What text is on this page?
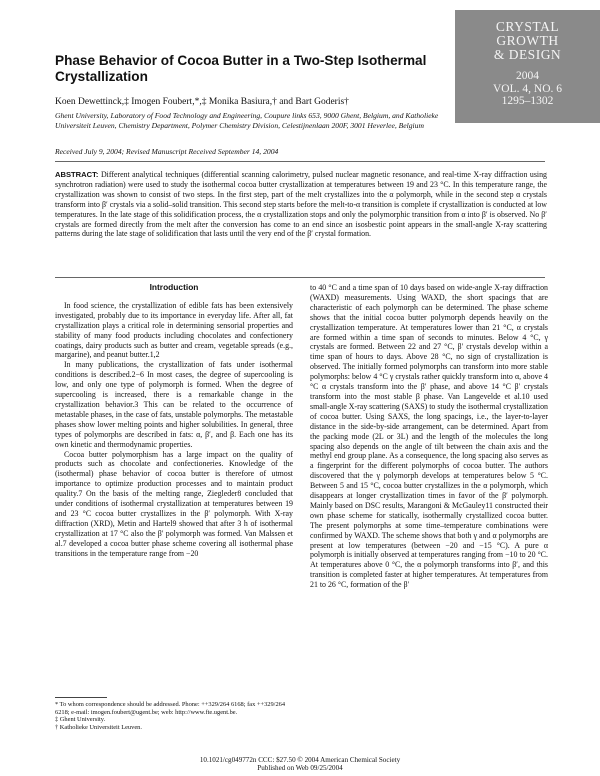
CRYSTAL
GROWTH
& DESIGN
2004
VOL. 4, NO. 6
1295–1302
Phase Behavior of Cocoa Butter in a Two-Step Isothermal Crystallization
Koen Dewettinck,‡ Imogen Foubert,*,‡ Monika Basiura,† and Bart Goderis†
Ghent University, Laboratory of Food Technology and Engineering, Coupure links 653, 9000 Ghent, Belgium, and Katholieke Universiteit Leuven, Chemistry Department, Polymer Chemistry Division, Celestijnenlaan 200F, 3001 Heverlee, Belgium
Received July 9, 2004; Revised Manuscript Received September 14, 2004

ABSTRACT: Different analytical techniques (differential scanning calorimetry, pulsed nuclear magnetic resonance, and real-time X-ray diffraction using synchrotron radiation) were used to study the isothermal cocoa butter crystallization at temperatures between 19 and 23 °C. In this temperature range, the crystallization was shown to consist of two steps. In the first step, part of the melt crystallizes into the α polymorph, while in the second step α crystals transform into β′ crystals via a solid–solid transition. This second step starts before the melt-to-α transition is complete if crystallization is conducted at low temperatures. In the late stage of this solidification process, the α crystallization stops and only the polymorphic transition from α into β′ is observed. No β′ crystals are formed directly from the melt after the conversion has come to an end since an isosbestic point appears in the small-angle X-ray scattering patterns during the late stage of solidification that lasts until the very end of the β′ crystal formation.

Introduction

In food science, the crystallization of edible fats has been extensively investigated, probably due to its importance in everyday life. After all, fat crystallization plays a critical role in determining sensorial properties and stability of many food products including chocolates and confectionery coatings, dairy products such as butter and cream, vegetable spreads (e.g., margarine), and peanut butter.1,2

In many publications, the crystallization of fats under isothermal conditions is described.2−6 In most cases, the degree of supercooling is low, and only one type of polymorph is formed. When the degree of supercooling is increased, there is a remarkable change in the crystallization behavior.3 This can be related to the occurrence of metastable phases, in the case of fats, unstable polymorphs. The metastable phases show lower melting points and higher solubilities. In general, three types of polymorphs are described in fats: α, β′, and β. Each one has its own kinetic and thermodynamic properties.

Cocoa butter polymorphism has a large impact on the quality of products such as chocolate and confectioneries. Knowledge of the (isothermal) phase behavior of cocoa butter is therefore of utmost importance to optimize production processes and to maintain product quality.7 On the basis of the melting range, Ziegleder8 concluded that under conditions of isothermal crystallization at temperatures between 19 and 23 °C cocoa butter crystallizes in the β′ polymorph. With X-ray diffraction (XRD), Metin and Hartel9 showed that after 3 h of isothermal crystallization at 17 °C also the β′ polymorph was formed. Van Malssen et al.7 developed a cocoa butter phase scheme covering all isothermal phase transitions in the temperature range from −20

to 40 °C and a time span of 10 days based on wide-angle X-ray diffraction (WAXD) measurements. Using WAXD, the short spacings that are characteristic of each polymorph can be determined. The phase scheme shows that the initial cocoa butter polymorph depends heavily on the crystallization temperature. At temperatures lower than 21 °C, α crystals are formed within a time span of seconds to minutes. Below 4 °C, γ crystals are formed. Between 22 and 27 °C, β′ crystals develop within a time span of hours to days. Above 28 °C, no sign of crystallization is observed. The initially formed polymorphs can transform into more stable polymorphs: below 4 °C γ crystals rather quickly transform into α, above 4 °C α crystals transform into the β′ phase, and above 14 °C β′ crystals transform into the most stable β phase. Van Langevelde et al.10 used small-angle X-ray scattering (SAXS) to study the isothermal crystallization of cocoa butter. Using SAXS, the long spacings, i.e., the layer-to-layer distance in the side-by-side arrangement, can be determined. Apart from the packing mode (2L or 3L) and the length of the molecules the long spacing also depends on the angle of tilt between the chain axis and the methyl end group plane. As a consequence, the long spacing also serves as a fingerprint for the different polymorphs of cocoa butter. The authors discovered that the γ polymorph develops at temperatures below 5 °C. Between 5 and 15 °C, cocoa butter crystallizes in the α polymorph, which disappears at longer crystallization times in favor of the β′ polymorph. Mainly based on DSC results, Marangoni & McGauley11 constructed their own phase scheme for statically, isothermally crystallized cocoa butter. The present polymorphs at some time–temperature combinations were confirmed by WAXD. The scheme shows that both γ and α polymorphs are present at low temperatures (between −20 and −15 °C). A pure α polymorph is initially observed at temperatures ranging from −10 to 20 °C. At temperatures above 0 °C, the α polymorph transforms into β′, and this transition is completed faster at higher temperatures. At temperatures from 21 to 26 °C, formation of the β′

* To whom correspondence should be addressed. Phone: ++329/264 6168; fax ++329/264 6218; e-mail: imogen.foubert@ugent.be; web: http://www.fte.ugent.be.
‡ Ghent University.
† Katholieke Universiteit Leuven.
10.1021/cg049772n CCC: $27.50 © 2004 American Chemical Society
Published on Web 09/25/2004
